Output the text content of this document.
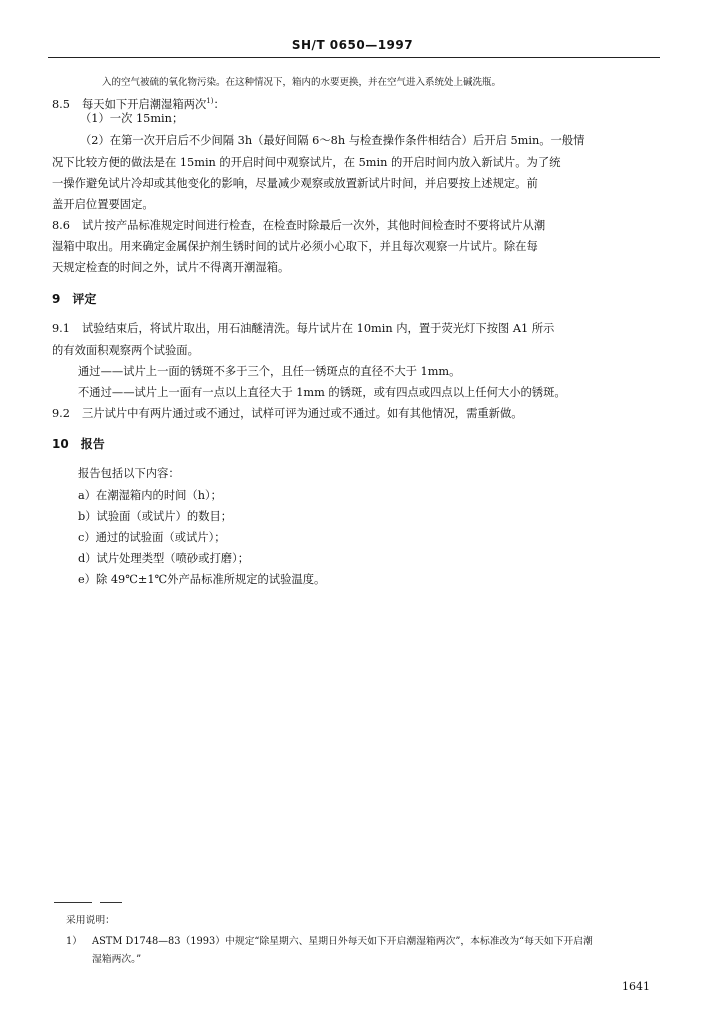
SH/T 0650—1997
入的空气被硫的氧化物污染。在这种情况下，箱内的水要更换，并在空气进入系统处上碱洗瓶。
8.5 每天如下开启潮湿箱两次$^{1)}$：
（1）一次 15min；
（2）在第一次开启后不少间隔 3h（最好间隔 6～8h 与检查操作条件相结合）后开启 5min。一般情
况下比较方便的做法是在 15min 的开启时间中观察试片，在 5min 的开启时间内放入新试片。为了统
一操作避免试片冷却或其他变化的影响，尽量减少观察或放置新试片时间，并启要按上述规定。前
盖开启位置要固定。
8.6 试片按产品标准规定时间进行检查，在检查时除最后一次外，其他时间检查时不要将试片从潮
湿箱中取出。用来确定金属保护剂生锈时间的试片必须小心取下，并且每次观察一片试片。除在每
天规定检查的时间之外，试片不得离开潮湿箱。
9 评定
9.1 试验结束后，将试片取出，用石油醚清洗。每片试片在 10min 内，置于荧光灯下按图 A1 所示
的有效面积观察两个试验面。
通过——试片上一面的锈斑不多于三个，且任一锈斑点的直径不大于 1mm。
不通过——试片上一面有一点以上直径大于 1mm 的锈斑，或有四点或四点以上任何大小的锈斑。
9.2 三片试片中有两片通过或不通过，试样可评为通过或不通过。如有其他情况，需重新做。
10 报告
报告包括以下内容：
a）在潮湿箱内的时间（h）；
b）试验面（或试片）的数目；
c）通过的试验面（或试片）；
d）试片处理类型（喷砂或打磨）；
e）除 49℃±1℃外产品标准所规定的试验温度。
采用说明：
1） ASTM D1748—83（1993）中规定“除星期六、星期日外每天如下开启潮湿箱两次”，本标准改为“每天如下开启潮
湿箱两次。”
1641
